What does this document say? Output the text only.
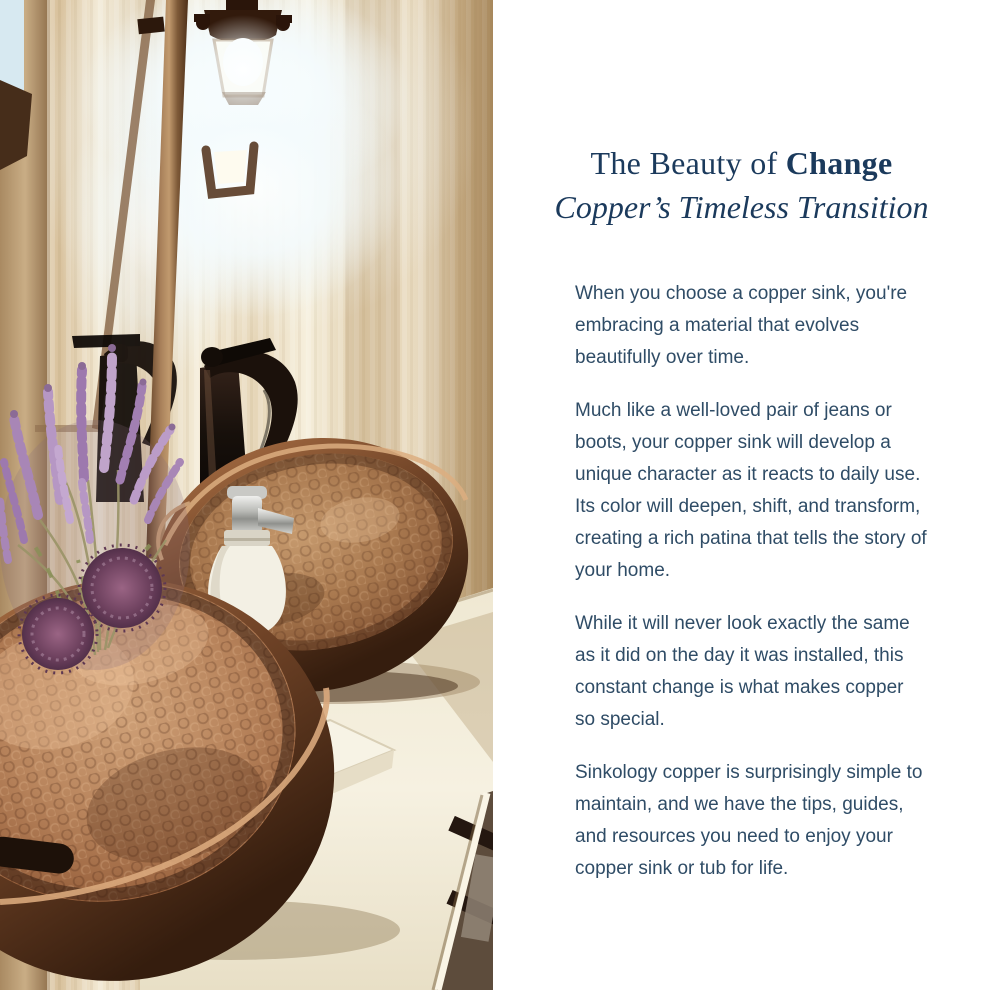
The Beauty of Change
Copper’s Timeless Transition

When you choose a copper sink, you're embracing a material that evolves beautifully over time.

Much like a well-loved pair of jeans or boots, your copper sink will develop a unique character as it reacts to daily use. Its color will deepen, shift, and transform, creating a rich patina that tells the story of your home.

While it will never look exactly the same as it did on the day it was installed, this constant change is what makes copper so special.

Sinkology copper is surprisingly simple to maintain, and we have the tips, guides, and resources you need to enjoy your copper sink or tub for life.
